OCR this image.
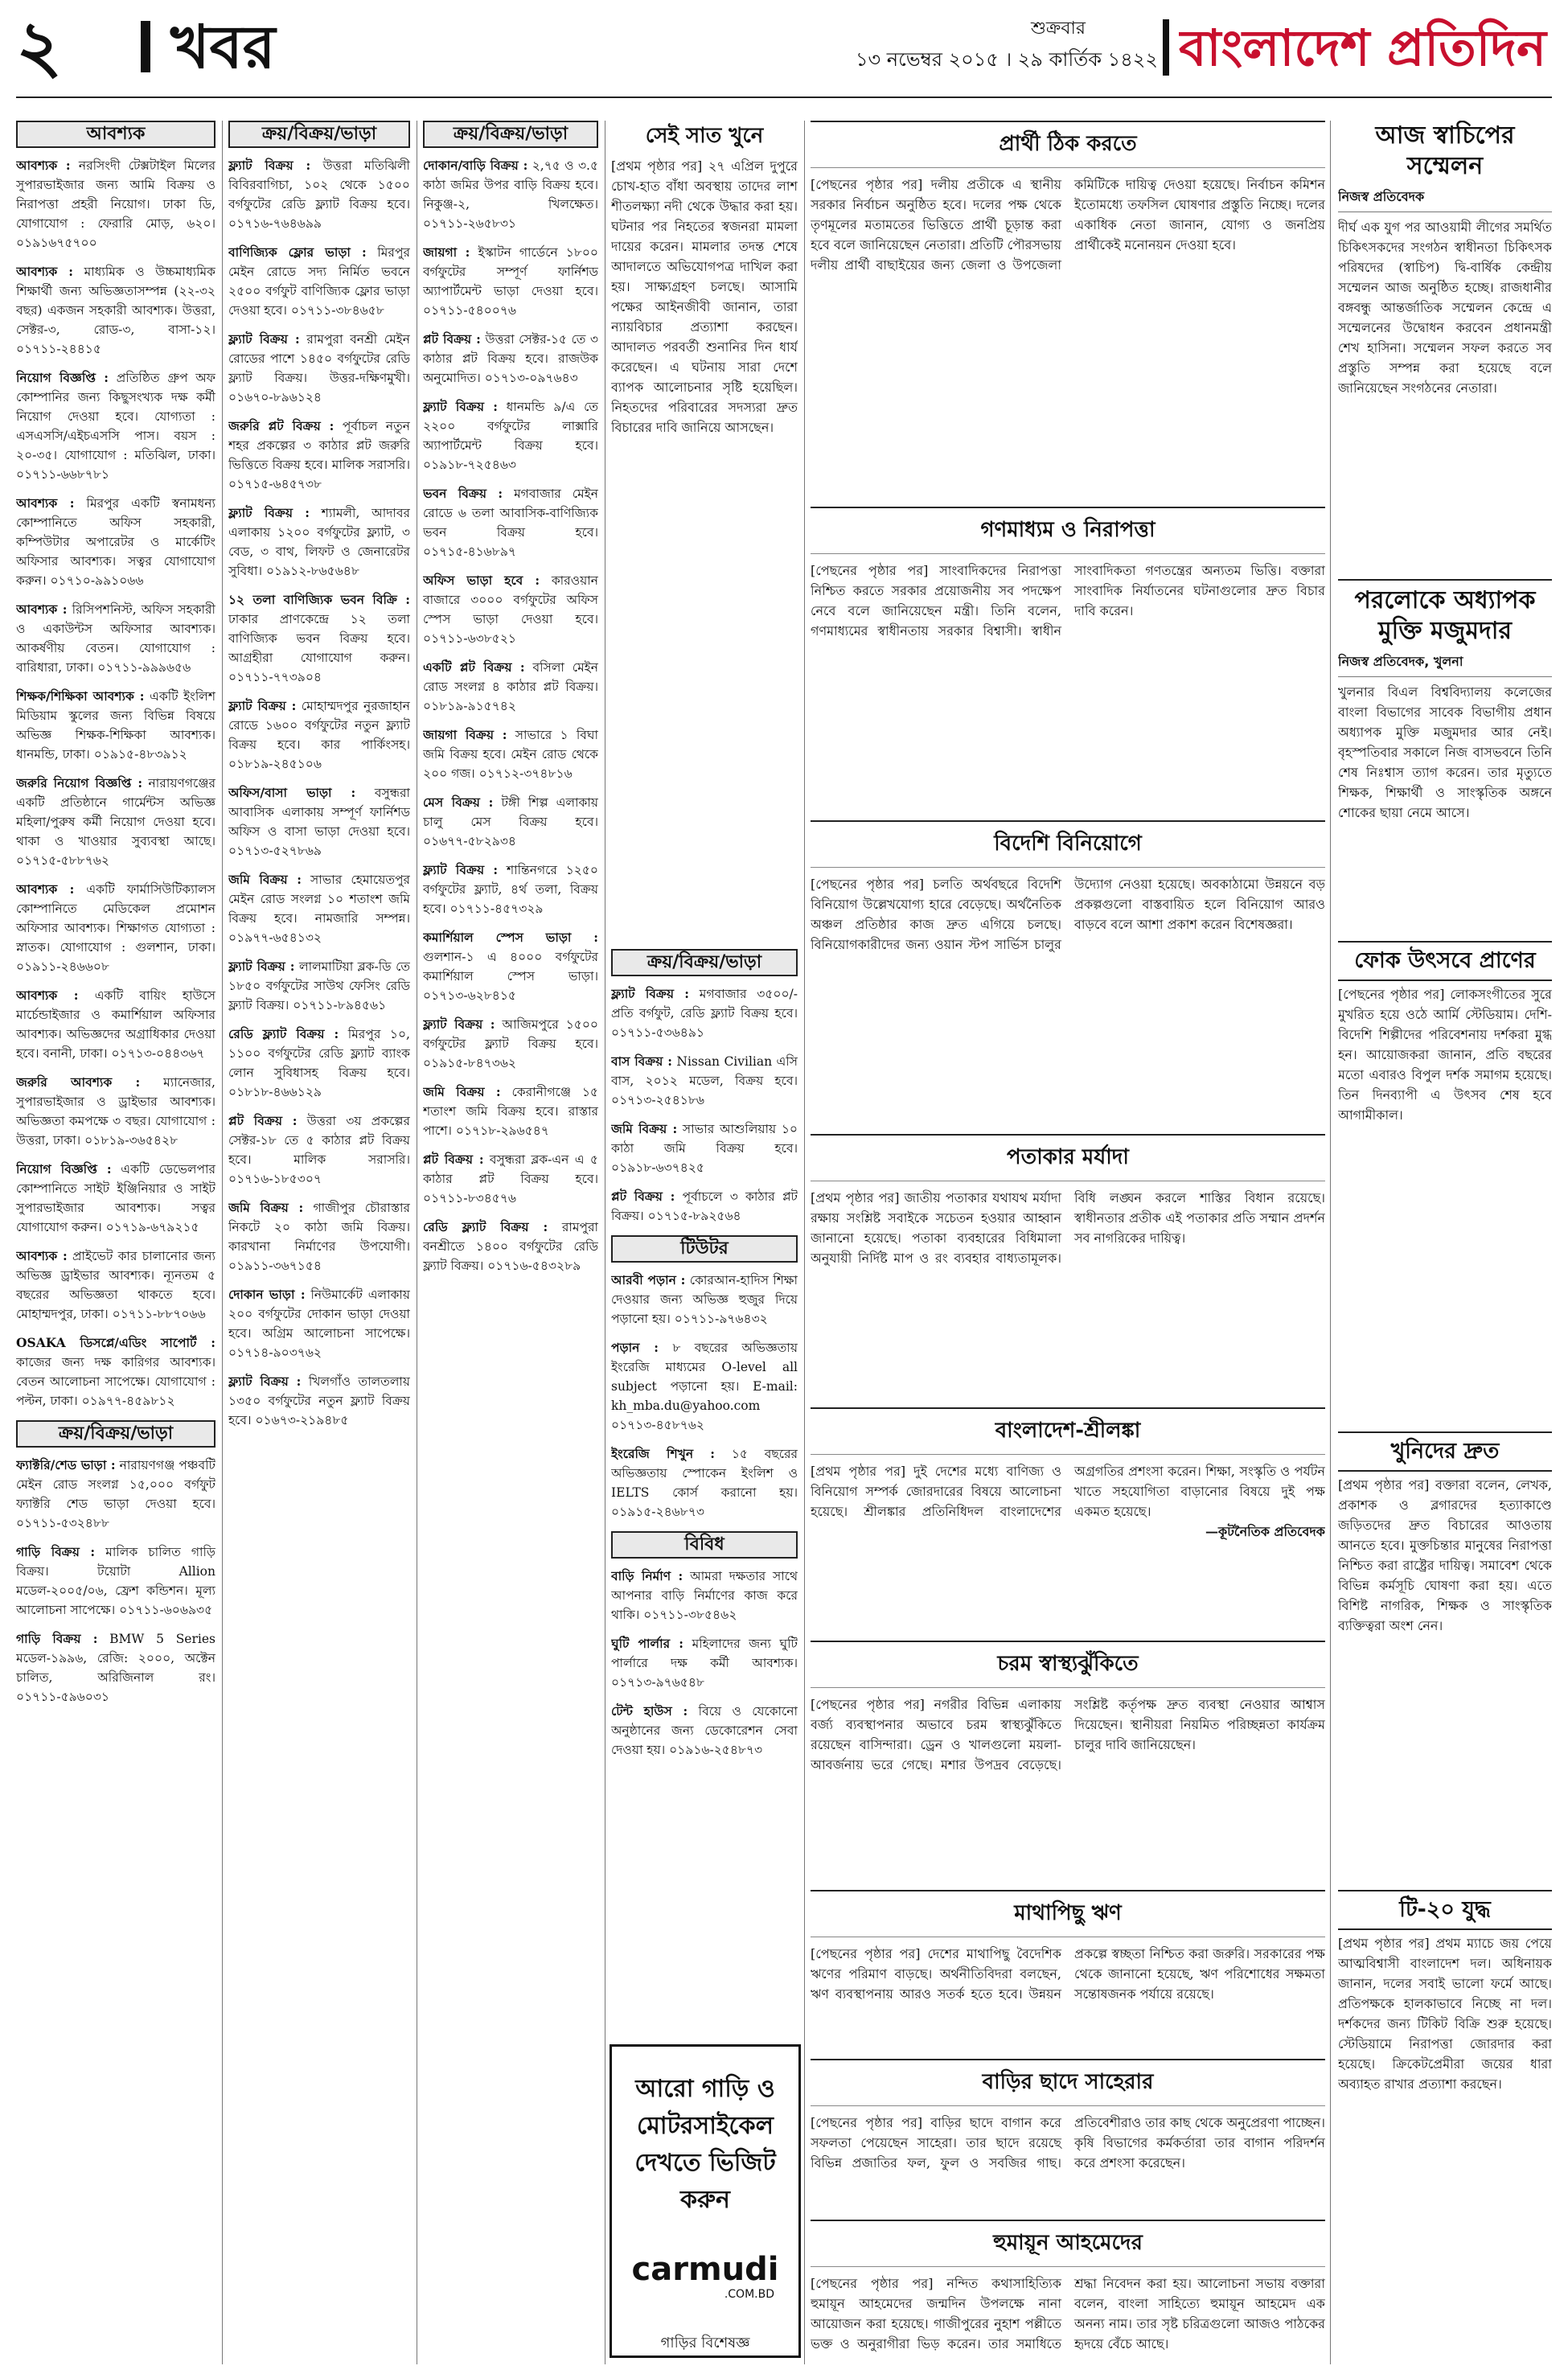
২ খবর	শুক্রবার
১৩ নভেম্বর ২০১৫ । ২৯ কার্তিক ১৪২২ বাংলাদেশ প্রতিদিন
আবশ্যক
আবশ্যক : নরসিংদী টেক্সটাইল মিলের সুপারভাইজার জন্য আমি বিক্রয় ও নিরাপত্তা প্রহরী নিয়োগ। ঢাকা ডি, যোগাযোগ : ফেরারি মোড়, ৬২০। ০১৯১৬৭৫৭০০
আবশ্যক : মাধ্যমিক ও উচ্চমাধ্যমিক শিক্ষার্থী জন্য অভিজ্ঞতাসম্পন্ন (২২-৩২ বছর) একজন সহকারী আবশ্যক। উত্তরা, সেক্টর-৩, রোড-৩, বাসা-১২। ০১৭১১-২৪৪১৫
নিয়োগ বিজ্ঞপ্তি : প্রতিষ্ঠিত গ্রুপ অফ কোম্পানির জন্য কিছুসংখ্যক দক্ষ কর্মী নিয়োগ দেওয়া হবে। যোগ্যতা : এসএসসি/এইচএসসি পাস। বয়স : ২০-৩৫। যোগাযোগ : মতিঝিল, ঢাকা। ০১৭১১-৬৬৮৭৮১
আবশ্যক : মিরপুর একটি স্বনামধন্য কোম্পানিতে অফিস সহকারী, কম্পিউটার অপারেটর ও মার্কেটিং অফিসার আবশ্যক। সত্বর যোগাযোগ করুন। ০১৭১০-৯৯১০৬৬
আবশ্যক : রিসিপশনিস্ট, অফিস সহকারী ও একাউন্টস অফিসার আবশ্যক। আকর্ষণীয় বেতন। যোগাযোগ : বারিধারা, ঢাকা। ০১৭১১-৯৯৯৬৫৬
শিক্ষক/শিক্ষিকা আবশ্যক : একটি ইংলিশ মিডিয়াম স্কুলের জন্য বিভিন্ন বিষয়ে অভিজ্ঞ শিক্ষক-শিক্ষিকা আবশ্যক। ধানমন্ডি, ঢাকা। ০১৯১৫-৪৮৩৯১২
জরুরি নিয়োগ বিজ্ঞপ্তি : নারায়ণগঞ্জের একটি প্রতিষ্ঠানে গার্মেন্টস অভিজ্ঞ মহিলা/পুরুষ কর্মী নিয়োগ দেওয়া হবে। থাকা ও খাওয়ার সুব্যবস্থা আছে। ০১৭১৫-৫৮৮৭৬২
আবশ্যক : একটি ফার্মাসিউটিক্যালস কোম্পানিতে মেডিকেল প্রমোশন অফিসার আবশ্যক। শিক্ষাগত যোগ্যতা : স্নাতক। যোগাযোগ : গুলশান, ঢাকা। ০১৯১১-২৪৬৬০৮
আবশ্যক : একটি বায়িং হাউসে মার্চেন্ডাইজার ও কমার্শিয়াল অফিসার আবশ্যক। অভিজ্ঞদের অগ্রাধিকার দেওয়া হবে। বনানী, ঢাকা। ০১৭১৩-০৪৪৩৬৭
জরুরি আবশ্যক : ম্যানেজার, সুপারভাইজার ও ড্রাইভার আবশ্যক। অভিজ্ঞতা কমপক্ষে ৩ বছর। যোগাযোগ : উত্তরা, ঢাকা। ০১৮১৯-৩৬৫৪২৮
নিয়োগ বিজ্ঞপ্তি : একটি ডেভেলপার কোম্পানিতে সাইট ইঞ্জিনিয়ার ও সাইট সুপারভাইজার আবশ্যক। সত্বর যোগাযোগ করুন। ০১৭১৯-৬৭৯২১৫
আবশ্যক : প্রাইভেট কার চালানোর জন্য অভিজ্ঞ ড্রাইভার আবশ্যক। ন্যূনতম ৫ বছরের অভিজ্ঞতা থাকতে হবে। মোহাম্মদপুর, ঢাকা। ০১৭১১-৮৮৭০৬৬
OSAKA ডিসপ্লে/এডিং সাপোর্ট : কাজের জন্য দক্ষ কারিগর আবশ্যক। বেতন আলোচনা সাপেক্ষে। যোগাযোগ : পল্টন, ঢাকা। ০১৯৭৭-৪৫৯৮১২
ক্রয়/বিক্রয়/ভাড়া
ফ্যাক্টরি/শেড ভাড়া : নারায়ণগঞ্জ পঞ্চবটি মেইন রোড সংলগ্ন ১৫,০০০ বর্গফুট ফ্যাক্টরি শেড ভাড়া দেওয়া হবে। ০১৭১১-৫৩২৪৮৮
গাড়ি বিক্রয় : মালিক চালিত গাড়ি বিক্রয়। টয়োটা Allion মডেল-২০০৫/০৬, ফ্রেশ কন্ডিশন। মূল্য আলোচনা সাপেক্ষে। ০১৭১১-৬০৬৯৩৫
গাড়ি বিক্রয় : BMW 5 Series মডেল-১৯৯৬, রেজি: ২০০০, অক্টেন চালিত, অরিজিনাল রং। ০১৭১১-৫৯৬০৩১
ক্রয়/বিক্রয়/ভাড়া
ফ্ল্যাট বিক্রয় : উত্তরা মতিঝিলী বিবিরবাগিচা, ১০২ থেকে ১৫০০ বর্গফুটের রেডি ফ্ল্যাট বিক্রয় হবে। ০১৭১৬-৭৬৪৬৯৯
বাণিজ্যিক ফ্লোর ভাড়া : মিরপুর মেইন রোডে সদ্য নির্মিত ভবনে ২৫০০ বর্গফুট বাণিজ্যিক ফ্লোর ভাড়া দেওয়া হবে। ০১৭১১-৩৮৪৬৫৮
ফ্ল্যাট বিক্রয় : রামপুরা বনশ্রী মেইন রোডের পাশে ১৪৫০ বর্গফুটের রেডি ফ্ল্যাট বিক্রয়। উত্তর-দক্ষিণমুখী। ০১৬৭০-৮৯৬১২৪
জরুরি প্লট বিক্রয় : পূর্বাচল নতুন শহর প্রকল্পের ৩ কাঠার প্লট জরুরি ভিত্তিতে বিক্রয় হবে। মালিক সরাসরি। ০১৭১৫-৬৪৫৭৩৮
ফ্ল্যাট বিক্রয় : শ্যামলী, আদাবর এলাকায় ১২০০ বর্গফুটের ফ্ল্যাট, ৩ বেড, ৩ বাথ, লিফট ও জেনারেটর সুবিধা। ০১৯১২-৮৬৫৬৪৮
১২ তলা বাণিজ্যিক ভবন বিক্রি : ঢাকার প্রাণকেন্দ্রে ১২ তলা বাণিজ্যিক ভবন বিক্রয় হবে। আগ্রহীরা যোগাযোগ করুন। ০১৭১১-৭৭৩৯০৪
ফ্ল্যাট বিক্রয় : মোহাম্মদপুর নুরজাহান রোডে ১৬০০ বর্গফুটের নতুন ফ্ল্যাট বিক্রয় হবে। কার পার্কিংসহ। ০১৮১৯-২৪৫১০৬
অফিস/বাসা ভাড়া : বসুন্ধরা আবাসিক এলাকায় সম্পূর্ণ ফার্নিশড অফিস ও বাসা ভাড়া দেওয়া হবে। ০১৭১৩-৫২৭৮৬৯
জমি বিক্রয় : সাভার হেমায়েতপুর মেইন রোড সংলগ্ন ১০ শতাংশ জমি বিক্রয় হবে। নামজারি সম্পন্ন। ০১৯৭৭-৬৫৪১৩২
ফ্ল্যাট বিক্রয় : লালমাটিয়া ব্লক-ডি তে ১৮৫০ বর্গফুটের সাউথ ফেসিং রেডি ফ্ল্যাট বিক্রয়। ০১৭১১-৮৯৪৫৬১
রেডি ফ্ল্যাট বিক্রয় : মিরপুর ১০, ১১০০ বর্গফুটের রেডি ফ্ল্যাট ব্যাংক লোন সুবিধাসহ বিক্রয় হবে। ০১৮১৮-৪৬৬১২৯
প্লট বিক্রয় : উত্তরা ৩য় প্রকল্পের সেক্টর-১৮ তে ৫ কাঠার প্লট বিক্রয় হবে। মালিক সরাসরি। ০১৭১৬-১৮৫৩০৭
জমি বিক্রয় : গাজীপুর চৌরাস্তার নিকটে ২০ কাঠা জমি বিক্রয়। কারখানা নির্মাণের উপযোগী। ০১৯১১-৩৬৭১৫৪
দোকান ভাড়া : নিউমার্কেট এলাকায় ২০০ বর্গফুটের দোকান ভাড়া দেওয়া হবে। অগ্রিম আলোচনা সাপেক্ষে। ০১৭১৪-৯০৩৭৬২
ফ্ল্যাট বিক্রয় : খিলগাঁও তালতলায় ১৩৫০ বর্গফুটের নতুন ফ্ল্যাট বিক্রয় হবে। ০১৬৭৩-২১৯৪৮৫
ক্রয়/বিক্রয়/ভাড়া
দোকান/বাড়ি বিক্রয় : ২,৭৫ ও ৩.৫ কাঠা জমির উপর বাড়ি বিক্রয় হবে। নিকুঞ্জ-২, খিলক্ষেত। ০১৭১১-২৬৫৮৩১
জায়গা : ইস্কাটন গার্ডেনে ১৮০০ বর্গফুটের সম্পূর্ণ ফার্নিশড অ্যাপার্টমেন্ট ভাড়া দেওয়া হবে। ০১৭১১-৫৪০০৭৬
প্লট বিক্রয় : উত্তরা সেক্টর-১৫ তে ৩ কাঠার প্লট বিক্রয় হবে। রাজউক অনুমোদিত। ০১৭১৩-০৯৭৬৪৩
ফ্ল্যাট বিক্রয় : ধানমন্ডি ৯/এ তে ২২০০ বর্গফুটের লাক্সারি অ্যাপার্টমেন্ট বিক্রয় হবে। ০১৯১৮-৭২৫৪৬৩
ভবন বিক্রয় : মগবাজার মেইন রোডে ৬ তলা আবাসিক-বাণিজ্যিক ভবন বিক্রয় হবে। ০১৭১৫-৪১৬৮৯৭
অফিস ভাড়া হবে : কারওয়ান বাজারে ৩০০০ বর্গফুটের অফিস স্পেস ভাড়া দেওয়া হবে। ০১৭১১-৬৩৮৫২১
একটি প্লট বিক্রয় : বসিলা মেইন রোড সংলগ্ন ৪ কাঠার প্লট বিক্রয়। ০১৮১৯-৯১৫৭৪২
জায়গা বিক্রয় : সাভারে ১ বিঘা জমি বিক্রয় হবে। মেইন রোড থেকে ২০০ গজ। ০১৭১২-৩৭৪৮১৬
মেস বিক্রয় : টঙ্গী শিল্প এলাকায় চালু মেস বিক্রয় হবে। ০১৬৭৭-৫৮২৯৩৪
ফ্ল্যাট বিক্রয় : শান্তিনগরে ১২৫০ বর্গফুটের ফ্ল্যাট, ৪র্থ তলা, বিক্রয় হবে। ০১৭১১-৪৫৭৩২৯
কমার্শিয়াল স্পেস ভাড়া : গুলশান-১ এ ৪০০০ বর্গফুটের কমার্শিয়াল স্পেস ভাড়া। ০১৭১৩-৬২৮৪১৫
ফ্ল্যাট বিক্রয় : আজিমপুরে ১৫০০ বর্গফুটের ফ্ল্যাট বিক্রয় হবে। ০১৯১৫-৮৪৭৩৬২
জমি বিক্রয় : কেরানীগঞ্জে ১৫ শতাংশ জমি বিক্রয় হবে। রাস্তার পাশে। ০১৭১৮-২৯৬৫৪৭
প্লট বিক্রয় : বসুন্ধরা ব্লক-এন এ ৫ কাঠার প্লট বিক্রয় হবে। ০১৭১১-৮৩৪৫৭৬
রেডি ফ্ল্যাট বিক্রয় : রামপুরা বনশ্রীতে ১৪০০ বর্গফুটের রেডি ফ্ল্যাট বিক্রয়। ০১৭১৬-৫৪৩২৮৯
সেই সাত খুনে
[প্রথম পৃষ্ঠার পর] ২৭ এপ্রিল দুপুরে চোখ-হাত বাঁধা অবস্থায় তাদের লাশ শীতলক্ষ্যা নদী থেকে উদ্ধার করা হয়। ঘটনার পর নিহতের স্বজনরা মামলা দায়ের করেন। মামলার তদন্ত শেষে আদালতে অভিযোগপত্র দাখিল করা হয়। সাক্ষ্যগ্রহণ চলছে। আসামি পক্ষের আইনজীবী জানান, তারা ন্যায়বিচার প্রত্যাশা করছেন। আদালত পরবর্তী শুনানির দিন ধার্য করেছেন। এ ঘটনায় সারা দেশে ব্যাপক আলোচনার সৃষ্টি হয়েছিল। নিহতদের পরিবারের সদস্যরা দ্রুত বিচারের দাবি জানিয়ে আসছেন।
ক্রয়/বিক্রয়/ভাড়া
ফ্ল্যাট বিক্রয় : মগবাজার ৩৫০০/- প্রতি বর্গফুট, রেডি ফ্ল্যাট বিক্রয় হবে। ০১৭১১-৫৩৬৪৯১
বাস বিক্রয় : Nissan Civilian এসি বাস, ২০১২ মডেল, বিক্রয় হবে। ০১৭১৩-২৫৪১৮৬
জমি বিক্রয় : সাভার আশুলিয়ায় ১০ কাঠা জমি বিক্রয় হবে। ০১৯১৮-৬৩৭৪২৫
প্লট বিক্রয় : পূর্বাচলে ৩ কাঠার প্লট বিক্রয়। ০১৭১৫-৮৯২৫৬৪
টিউটর
আরবী পড়ান : কোরআন-হাদিস শিক্ষা দেওয়ার জন্য অভিজ্ঞ হুজুর দিয়ে পড়ানো হয়। ০১৭১১-৯৭৬৪৩২
পড়ান : ৮ বছরের অভিজ্ঞতায় ইংরেজি মাধ্যমের O-level all subject পড়ানো হয়। E-mail: kh_mba.du@yahoo.com ০১৭১৩-৪৫৮৭৬২
ইংরেজি শিখুন : ১৫ বছরের অভিজ্ঞতায় স্পোকেন ইংলিশ ও IELTS কোর্স করানো হয়। ০১৯১৫-২৪৬৮৭৩
বিবিধ
বাড়ি নির্মাণ : আমরা দক্ষতার সাথে আপনার বাড়ি নির্মাণের কাজ করে থাকি। ০১৭১১-৩৮৫৪৬২
ঘুটি পার্লার : মহিলাদের জন্য ঘুটি পার্লারে দক্ষ কর্মী আবশ্যক। ০১৭১৩-৯৭৬৫৪৮
টেন্ট হাউস : বিয়ে ও যেকোনো অনুষ্ঠানের জন্য ডেকোরেশন সেবা দেওয়া হয়। ০১৯১৬-২৫৪৮৭৩
আরো গাড়ি ও মোটরসাইকেল দেখতে ভিজিট করুন
carmudi
.COM.BD
গাড়ির বিশেষজ্ঞ
প্রার্থী ঠিক করতে
[পেছনের পৃষ্ঠার পর] দলীয় প্রতীকে এ স্থানীয় সরকার নির্বাচন অনুষ্ঠিত হবে। দলের পক্ষ থেকে তৃণমূলের মতামতের ভিত্তিতে প্রার্থী চূড়ান্ত করা হবে বলে জানিয়েছেন নেতারা। প্রতিটি পৌরসভায় দলীয় প্রার্থী বাছাইয়ের জন্য জেলা ও উপজেলা কমিটিকে দায়িত্ব দেওয়া হয়েছে। নির্বাচন কমিশন ইতোমধ্যে তফসিল ঘোষণার প্রস্তুতি নিচ্ছে। দলের একাধিক নেতা জানান, যোগ্য ও জনপ্রিয় প্রার্থীকেই মনোনয়ন দেওয়া হবে।
গণমাধ্যম ও নিরাপত্তা
[পেছনের পৃষ্ঠার পর] সাংবাদিকদের নিরাপত্তা নিশ্চিত করতে সরকার প্রয়োজনীয় সব পদক্ষেপ নেবে বলে জানিয়েছেন মন্ত্রী। তিনি বলেন, গণমাধ্যমের স্বাধীনতায় সরকার বিশ্বাসী। স্বাধীন সাংবাদিকতা গণতন্ত্রের অন্যতম ভিত্তি। বক্তারা সাংবাদিক নির্যাতনের ঘটনাগুলোর দ্রুত বিচার দাবি করেন।
বিদেশি বিনিয়োগে
[পেছনের পৃষ্ঠার পর] চলতি অর্থবছরে বিদেশি বিনিয়োগ উল্লেখযোগ্য হারে বেড়েছে। অর্থনৈতিক অঞ্চল প্রতিষ্ঠার কাজ দ্রুত এগিয়ে চলছে। বিনিয়োগকারীদের জন্য ওয়ান স্টপ সার্ভিস চালুর উদ্যোগ নেওয়া হয়েছে। অবকাঠামো উন্নয়নে বড় প্রকল্পগুলো বাস্তবায়িত হলে বিনিয়োগ আরও বাড়বে বলে আশা প্রকাশ করেন বিশেষজ্ঞরা।
পতাকার মর্যাদা
[প্রথম পৃষ্ঠার পর] জাতীয় পতাকার যথাযথ মর্যাদা রক্ষায় সংশ্লিষ্ট সবাইকে সচেতন হওয়ার আহ্বান জানানো হয়েছে। পতাকা ব্যবহারের বিধিমালা অনুযায়ী নির্দিষ্ট মাপ ও রং ব্যবহার বাধ্যতামূলক। বিধি লঙ্ঘন করলে শাস্তির বিধান রয়েছে। স্বাধীনতার প্রতীক এই পতাকার প্রতি সম্মান প্রদর্শন সব নাগরিকের দায়িত্ব।
বাংলাদেশ-শ্রীলঙ্কা
[প্রথম পৃষ্ঠার পর] দুই দেশের মধ্যে বাণিজ্য ও বিনিয়োগ সম্পর্ক জোরদারের বিষয়ে আলোচনা হয়েছে। শ্রীলঙ্কার প্রতিনিধিদল বাংলাদেশের অগ্রগতির প্রশংসা করেন। শিক্ষা, সংস্কৃতি ও পর্যটন খাতে সহযোগিতা বাড়ানোর বিষয়ে দুই পক্ষ একমত হয়েছে।
—কূটনৈতিক প্রতিবেদক
চরম স্বাস্থ্যঝুঁকিতে
[পেছনের পৃষ্ঠার পর] নগরীর বিভিন্ন এলাকায় বর্জ্য ব্যবস্থাপনার অভাবে চরম স্বাস্থ্যঝুঁকিতে রয়েছেন বাসিন্দারা। ড্রেন ও খালগুলো ময়লা-আবর্জনায় ভরে গেছে। মশার উপদ্রব বেড়েছে। সংশ্লিষ্ট কর্তৃপক্ষ দ্রুত ব্যবস্থা নেওয়ার আশ্বাস দিয়েছেন। স্থানীয়রা নিয়মিত পরিচ্ছন্নতা কার্যক্রম চালুর দাবি জানিয়েছেন।
মাথাপিছু ঋণ
[পেছনের পৃষ্ঠার পর] দেশের মাথাপিছু বৈদেশিক ঋণের পরিমাণ বাড়ছে। অর্থনীতিবিদরা বলছেন, ঋণ ব্যবস্থাপনায় আরও সতর্ক হতে হবে। উন্নয়ন প্রকল্পে স্বচ্ছতা নিশ্চিত করা জরুরি। সরকারের পক্ষ থেকে জানানো হয়েছে, ঋণ পরিশোধের সক্ষমতা সন্তোষজনক পর্যায়ে রয়েছে।
বাড়ির ছাদে সাহেরার
[পেছনের পৃষ্ঠার পর] বাড়ির ছাদে বাগান করে সফলতা পেয়েছেন সাহেরা। তার ছাদে রয়েছে বিভিন্ন প্রজাতির ফল, ফুল ও সবজির গাছ। প্রতিবেশীরাও তার কাছ থেকে অনুপ্রেরণা পাচ্ছেন। কৃষি বিভাগের কর্মকর্তারা তার বাগান পরিদর্শন করে প্রশংসা করেছেন।
হুমায়ূন আহমেদের
[পেছনের পৃষ্ঠার পর] নন্দিত কথাসাহিত্যিক হুমায়ূন আহমেদের জন্মদিন উপলক্ষে নানা আয়োজন করা হয়েছে। গাজীপুরের নুহাশ পল্লীতে ভক্ত ও অনুরাগীরা ভিড় করেন। তার সমাধিতে শ্রদ্ধা নিবেদন করা হয়। আলোচনা সভায় বক্তারা বলেন, বাংলা সাহিত্যে হুমায়ূন আহমেদ এক অনন্য নাম। তার সৃষ্ট চরিত্রগুলো আজও পাঠকের হৃদয়ে বেঁচে আছে।
আজ স্বাচিপের সম্মেলন
নিজস্ব প্রতিবেদক
দীর্ঘ এক যুগ পর আওয়ামী লীগের সমর্থিত চিকিৎসকদের সংগঠন স্বাধীনতা চিকিৎসক পরিষদের (স্বাচিপ) দ্বি-বার্ষিক কেন্দ্রীয় সম্মেলন আজ অনুষ্ঠিত হচ্ছে। রাজধানীর বঙ্গবন্ধু আন্তর্জাতিক সম্মেলন কেন্দ্রে এ সম্মেলনের উদ্বোধন করবেন প্রধানমন্ত্রী শেখ হাসিনা। সম্মেলন সফল করতে সব প্রস্তুতি সম্পন্ন করা হয়েছে বলে জানিয়েছেন সংগঠনের নেতারা।
পরলোকে অধ্যাপক মুক্তি মজুমদার
নিজস্ব প্রতিবেদক, খুলনা
খুলনার বিএল বিশ্ববিদ্যালয় কলেজের বাংলা বিভাগের সাবেক বিভাগীয় প্রধান অধ্যাপক মুক্তি মজুমদার আর নেই। বৃহস্পতিবার সকালে নিজ বাসভবনে তিনি শেষ নিঃশ্বাস ত্যাগ করেন। তার মৃত্যুতে শিক্ষক, শিক্ষার্থী ও সাংস্কৃতিক অঙ্গনে শোকের ছায়া নেমে আসে।
ফোক উৎসবে প্রাণের
[পেছনের পৃষ্ঠার পর] লোকসংগীতের সুরে মুখরিত হয়ে ওঠে আর্মি স্টেডিয়াম। দেশি-বিদেশি শিল্পীদের পরিবেশনায় দর্শকরা মুগ্ধ হন। আয়োজকরা জানান, প্রতি বছরের মতো এবারও বিপুল দর্শক সমাগম হয়েছে। তিন দিনব্যাপী এ উৎসব শেষ হবে আগামীকাল।
খুনিদের দ্রুত
[প্রথম পৃষ্ঠার পর] বক্তারা বলেন, লেখক, প্রকাশক ও ব্লগারদের হত্যাকাণ্ডে জড়িতদের দ্রুত বিচারের আওতায় আনতে হবে। মুক্তচিন্তার মানুষের নিরাপত্তা নিশ্চিত করা রাষ্ট্রের দায়িত্ব। সমাবেশ থেকে বিভিন্ন কর্মসূচি ঘোষণা করা হয়। এতে বিশিষ্ট নাগরিক, শিক্ষক ও সাংস্কৃতিক ব্যক্তিত্বরা অংশ নেন।
টি-২০ যুদ্ধ
[প্রথম পৃষ্ঠার পর] প্রথম ম্যাচে জয় পেয়ে আত্মবিশ্বাসী বাংলাদেশ দল। অধিনায়ক জানান, দলের সবাই ভালো ফর্মে আছে। প্রতিপক্ষকে হালকাভাবে নিচ্ছে না দল। দর্শকদের জন্য টিকিট বিক্রি শুরু হয়েছে। স্টেডিয়ামে নিরাপত্তা জোরদার করা হয়েছে। ক্রিকেটপ্রেমীরা জয়ের ধারা অব্যাহত রাখার প্রত্যাশা করছেন।
